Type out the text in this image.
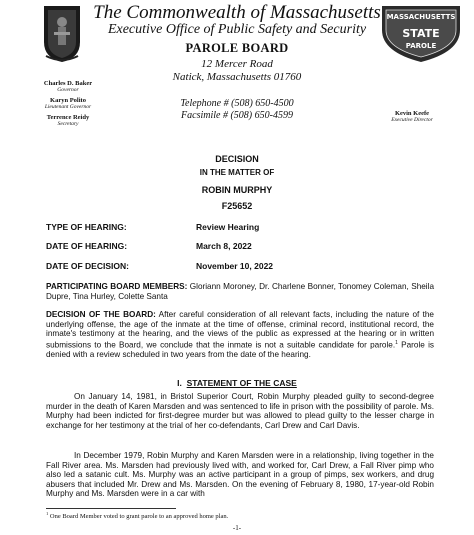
MASSACHUSETTS
STATE
PAROLE
The Commonwealth of Massachusetts
Executive Office of Public Safety and Security
PAROLE BOARD
12 Mercer Road
Natick, Massachusetts 01760
Telephone # (508) 650-4500
Facsimile # (508) 650-4599
Charles D. Baker
Governor
Karyn Polito
Lieutenant Governor
Terrence Reidy
Secretary
Kevin Keefe
Executive Director
DECISION
IN THE MATTER OF
ROBIN MURPHY
F25652
TYPE OF HEARING:	Review Hearing
DATE OF HEARING:	March 8, 2022
DATE OF DECISION:	November 10, 2022
PARTICIPATING BOARD MEMBERS: Gloriann Moroney, Dr. Charlene Bonner, Tonomey Coleman, Sheila Dupre, Tina Hurley, Colette Santa
DECISION OF THE BOARD: After careful consideration of all relevant facts, including the nature of the underlying offense, the age of the inmate at the time of offense, criminal record, institutional record, the inmate's testimony at the hearing, and the views of the public as expressed at the hearing or in written submissions to the Board, we conclude that the inmate is not a suitable candidate for parole.$^1$ Parole is denied with a review scheduled in two years from the date of the hearing.
I. STATEMENT OF THE CASE
On January 14, 1981, in Bristol Superior Court, Robin Murphy pleaded guilty to second-degree murder in the death of Karen Marsden and was sentenced to life in prison with the possibility of parole. Ms. Murphy had been indicted for first-degree murder but was allowed to plead guilty to the lesser charge in exchange for her testimony at the trial of her co-defendants, Carl Drew and Carl Davis.
In December 1979, Robin Murphy and Karen Marsden were in a relationship, living together in the Fall River area. Ms. Marsden had previously lived with, and worked for, Carl Drew, a Fall River pimp who also led a satanic cult. Ms. Murphy was an active participant in a group of pimps, sex workers, and drug abusers that included Mr. Drew and Ms. Marsden. On the evening of February 8, 1980, 17-year-old Robin Murphy and Ms. Marsden were in a car with
$^1$ One Board Member voted to grant parole to an approved home plan.
-1-
